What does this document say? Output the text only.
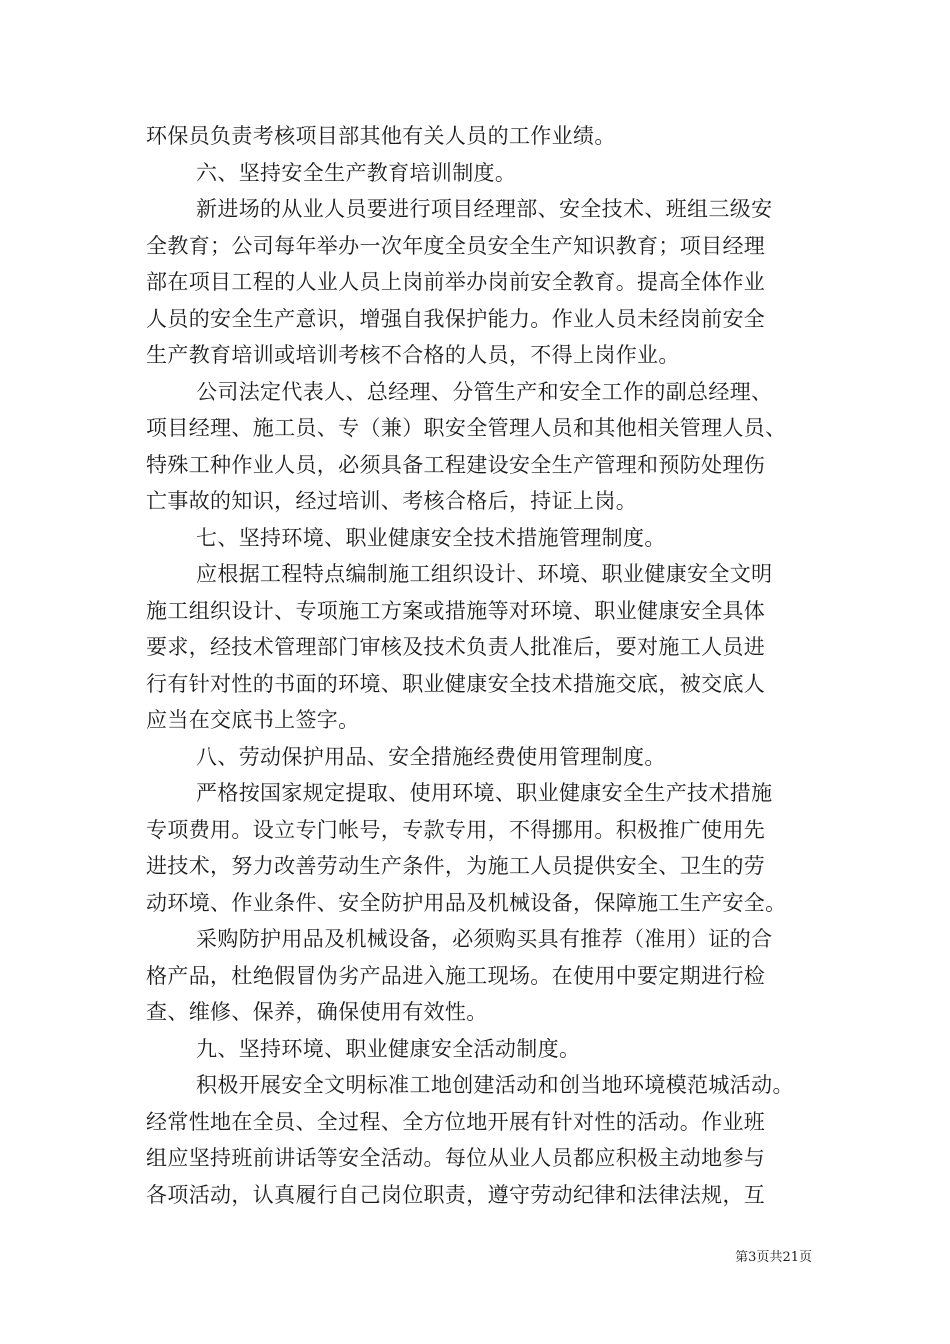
环保员负责考核项目部其他有关人员的工作业绩。
六、坚持安全生产教育培训制度。
新进场的从业人员要进行项目经理部、安全技术、班组三级安
全教育；公司每年举办一次年度全员安全生产知识教育；项目经理
部在项目工程的人业人员上岗前举办岗前安全教育。提高全体作业
人员的安全生产意识，增强自我保护能力。作业人员未经岗前安全
生产教育培训或培训考核不合格的人员，不得上岗作业。
公司法定代表人、总经理、分管生产和安全工作的副总经理、
项目经理、施工员、专（兼）职安全管理人员和其他相关管理人员、
特殊工种作业人员，必须具备工程建设安全生产管理和预防处理伤
亡事故的知识，经过培训、考核合格后，持证上岗。
七、坚持环境、职业健康安全技术措施管理制度。
应根据工程特点编制施工组织设计、环境、职业健康安全文明
施工组织设计、专项施工方案或措施等对环境、职业健康安全具体
要求，经技术管理部门审核及技术负责人批准后，要对施工人员进
行有针对性的书面的环境、职业健康安全技术措施交底，被交底人
应当在交底书上签字。
八、劳动保护用品、安全措施经费使用管理制度。
严格按国家规定提取、使用环境、职业健康安全生产技术措施
专项费用。设立专门帐号，专款专用，不得挪用。积极推广使用先
进技术，努力改善劳动生产条件，为施工人员提供安全、卫生的劳
动环境、作业条件、安全防护用品及机械设备，保障施工生产安全。
采购防护用品及机械设备，必须购买具有推荐（准用）证的合
格产品，杜绝假冒伪劣产品进入施工现场。在使用中要定期进行检
查、维修、保养，确保使用有效性。
九、坚持环境、职业健康安全活动制度。
积极开展安全文明标准工地创建活动和创当地环境模范城活动。
经常性地在全员、全过程、全方位地开展有针对性的活动。作业班
组应坚持班前讲话等安全活动。每位从业人员都应积极主动地参与
各项活动，认真履行自己岗位职责，遵守劳动纪律和法律法规，互
第3页共21页
